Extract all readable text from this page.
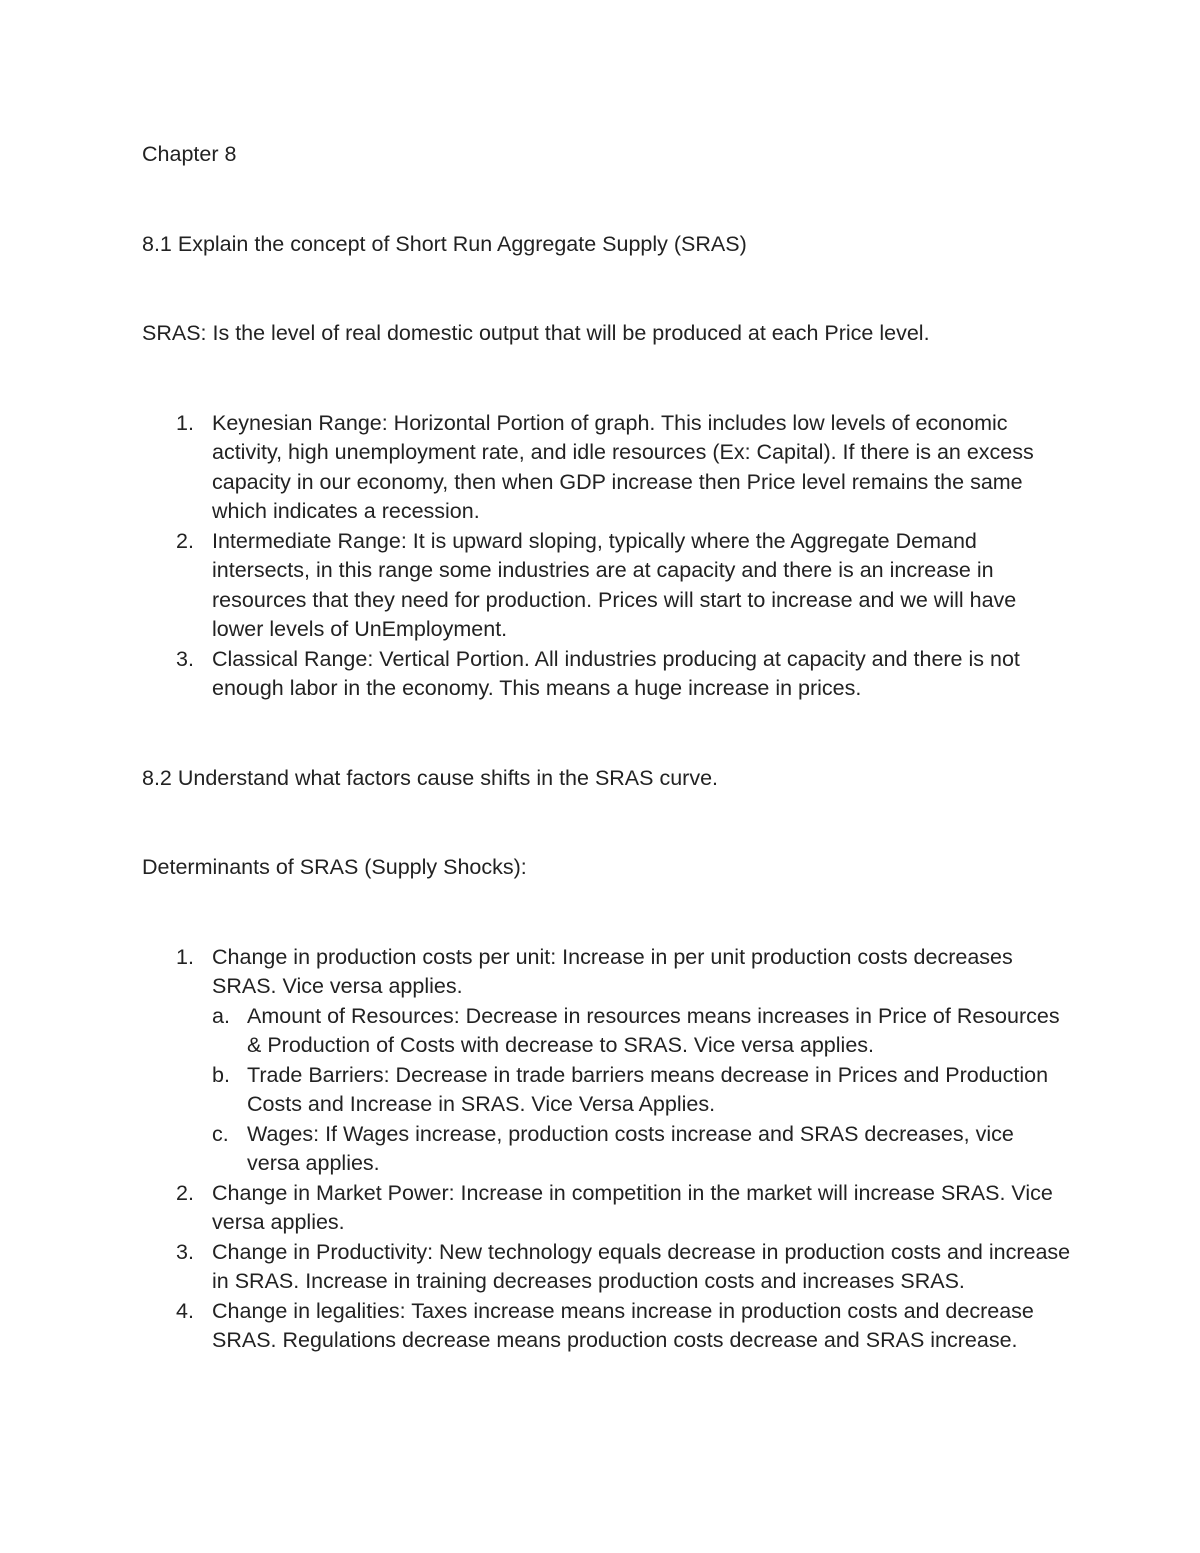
Chapter 8

8.1 Explain the concept of Short Run Aggregate Supply (SRAS)

SRAS: Is the level of real domestic output that will be produced at each Price level.

1. Keynesian Range: Horizontal Portion of graph. This includes low levels of economic activity, high unemployment rate, and idle resources (Ex: Capital). If there is an excess capacity in our economy, then when GDP increase then Price level remains the same which indicates a recession.
2. Intermediate Range: It is upward sloping, typically where the Aggregate Demand intersects, in this range some industries are at capacity and there is an increase in resources that they need for production. Prices will start to increase and we will have lower levels of UnEmployment.
3. Classical Range: Vertical Portion. All industries producing at capacity and there is not enough labor in the economy. This means a huge increase in prices.

8.2 Understand what factors cause shifts in the SRAS curve.

Determinants of SRAS (Supply Shocks):

1. Change in production costs per unit: Increase in per unit production costs decreases SRAS. Vice versa applies.
a. Amount of Resources: Decrease in resources means increases in Price of Resources & Production of Costs with decrease to SRAS. Vice versa applies.
b. Trade Barriers: Decrease in trade barriers means decrease in Prices and Production Costs and Increase in SRAS. Vice Versa Applies.
c. Wages: If Wages increase, production costs increase and SRAS decreases, vice versa applies.
2. Change in Market Power: Increase in competition in the market will increase SRAS. Vice versa applies.
3. Change in Productivity: New technology equals decrease in production costs and increase in SRAS. Increase in training decreases production costs and increases SRAS.
4. Change in legalities: Taxes increase means increase in production costs and decrease SRAS. Regulations decrease means production costs decrease and SRAS increase.
